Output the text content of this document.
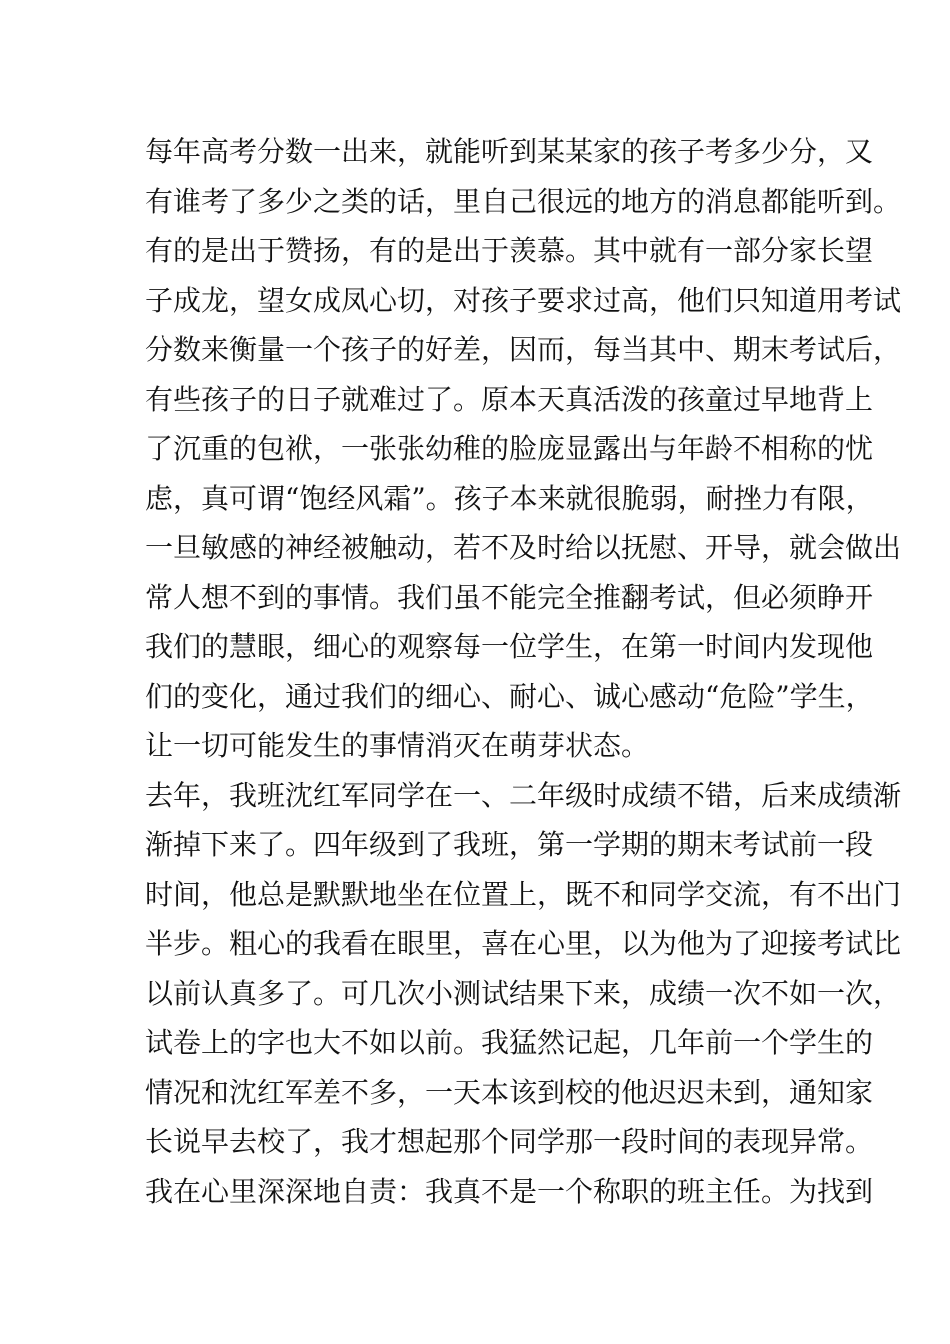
每年高考分数一出来，就能听到某某家的孩子考多少分，又
有谁考了多少之类的话，里自己很远的地方的消息都能听到。
有的是出于赞扬，有的是出于羡慕。其中就有一部分家长望
子成龙，望女成凤心切，对孩子要求过高，他们只知道用考试
分数来衡量一个孩子的好差，因而，每当其中、期末考试后，
有些孩子的日子就难过了。原本天真活泼的孩童过早地背上
了沉重的包袱，一张张幼稚的脸庞显露出与年龄不相称的忧
虑，真可谓“饱经风霜”。孩子本来就很脆弱，耐挫力有限，
一旦敏感的神经被触动，若不及时给以抚慰、开导，就会做出
常人想不到的事情。我们虽不能完全推翻考试，但必须睁开
我们的慧眼，细心的观察每一位学生，在第一时间内发现他
们的变化，通过我们的细心、耐心、诚心感动“危险”学生，
让一切可能发生的事情消灭在萌芽状态。
去年，我班沈红军同学在一、二年级时成绩不错，后来成绩渐
渐掉下来了。四年级到了我班，第一学期的期末考试前一段
时间，他总是默默地坐在位置上，既不和同学交流，有不出门
半步。粗心的我看在眼里，喜在心里，以为他为了迎接考试比
以前认真多了。可几次小测试结果下来，成绩一次不如一次，
试卷上的字也大不如以前。我猛然记起，几年前一个学生的
情况和沈红军差不多，一天本该到校的他迟迟未到，通知家
长说早去校了，我才想起那个同学那一段时间的表现异常。
我在心里深深地自责：我真不是一个称职的班主任。为找到
